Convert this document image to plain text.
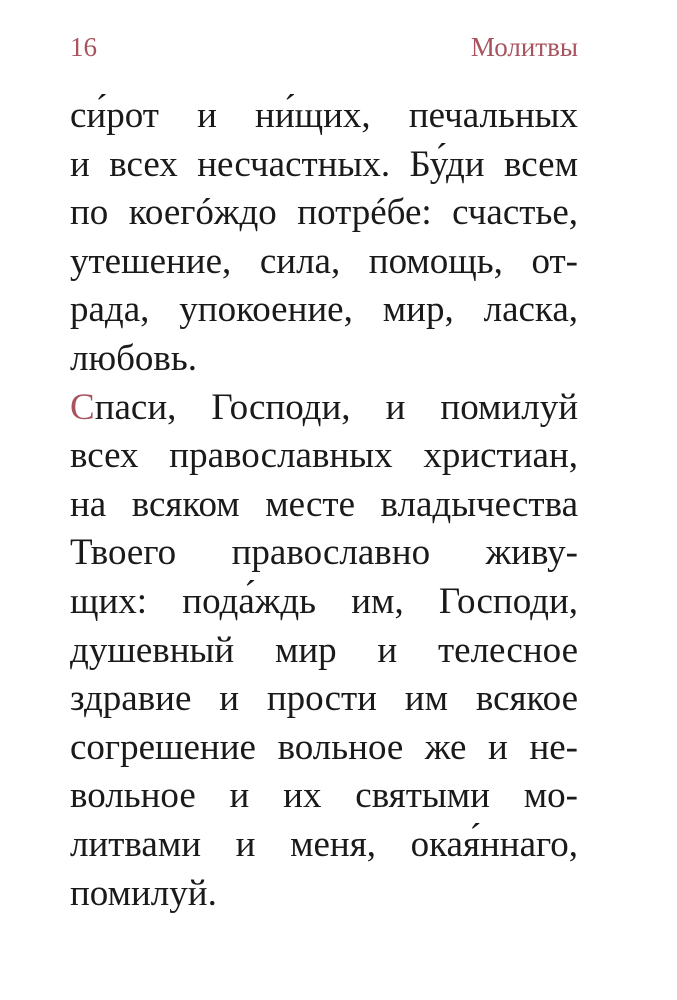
16	Молитвы
си́рот и ни́щих, печальных
и всех несчастных. Бу́ди всем
по коегóждо потрéбе: счастье,
утешение, сила, помощь, от-
рада, упокоение, мир, ласка,
любовь.
Спаси, Господи, и помилуй
всех православных христиан,
на всяком месте владычества
Твоего православно живу-
щих: пода́ждь им, Господи,
душевный мир и телесное
здравие и прости им всякое
согрешение вольное же и не-
вольное и их святыми мо-
литвами и меня, окая́ннаго,
помилуй.
